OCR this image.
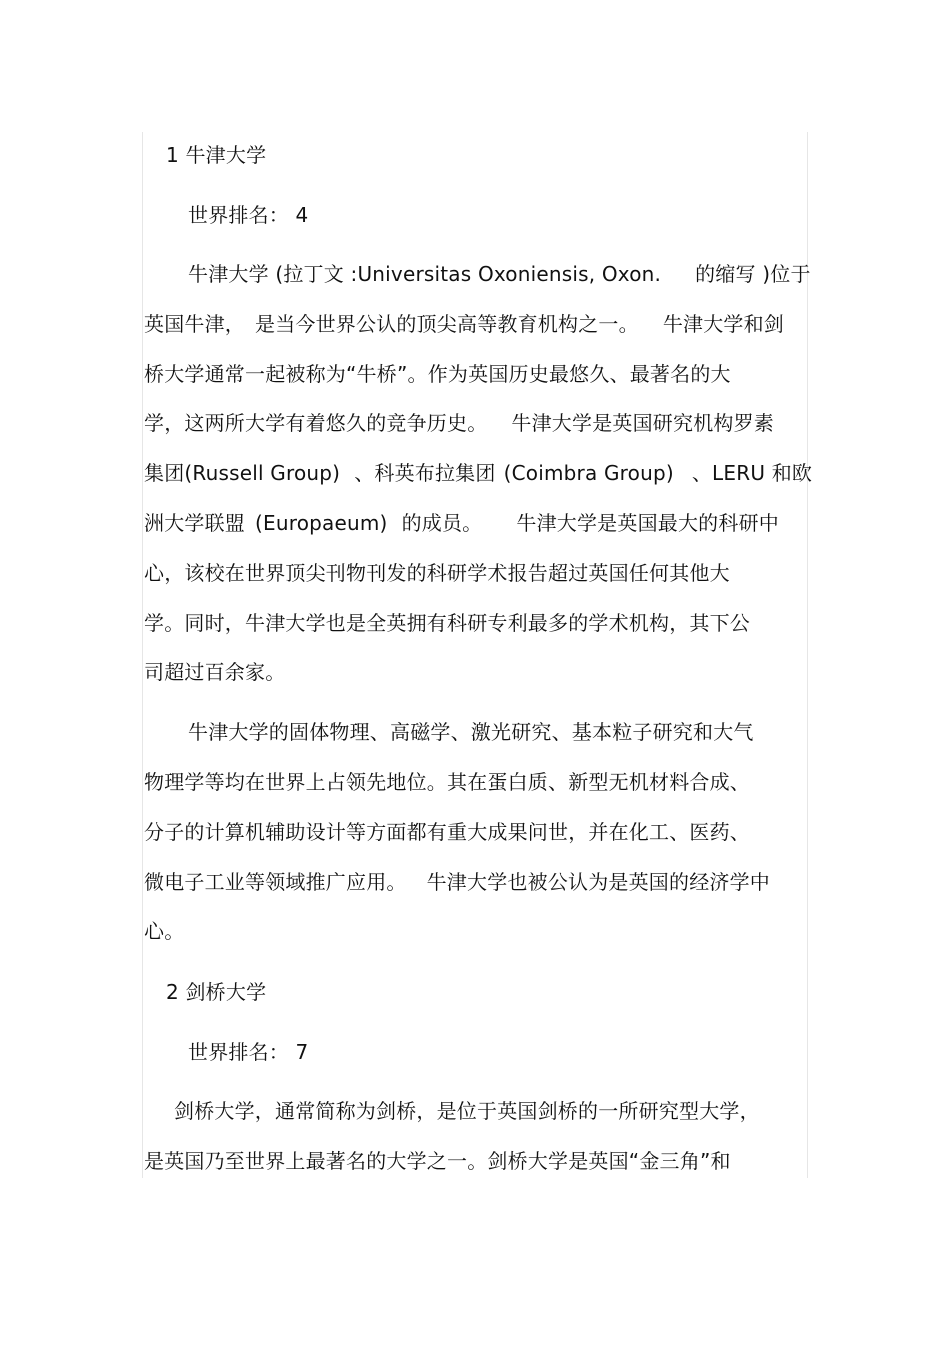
1 牛津大学
世界排名： 4
牛津大学 (拉丁文 :Universitas Oxoniensis, Oxon. 的缩写 )位于
英国牛津， 是当今世界公认的顶尖高等教育机构之一。 牛津大学和剑
桥大学通常一起被称为“牛桥”。作为英国历史最悠久、最著名的大
学，这两所大学有着悠久的竞争历史。 牛津大学是英国研究机构罗素
集团(Russell Group) 、科英布拉集团 (Coimbra Group) 、LERU 和欧
洲大学联盟 (Europaeum) 的成员。 牛津大学是英国最大的科研中
心，该校在世界顶尖刊物刊发的科研学术报告超过英国任何其他大
学。同时，牛津大学也是全英拥有科研专利最多的学术机构，其下公
司超过百余家。
牛津大学的固体物理、高磁学、激光研究、基本粒子研究和大气
物理学等均在世界上占领先地位。其在蛋白质、新型无机材料合成、
分子的计算机辅助设计等方面都有重大成果问世，并在化工、医药、
微电子工业等领域推广应用。 牛津大学也被公认为是英国的经济学中
心。
2 剑桥大学
世界排名： 7
剑桥大学，通常简称为剑桥，是位于英国剑桥的一所研究型大学，
是英国乃至世界上最著名的大学之一。剑桥大学是英国“金三角”和
